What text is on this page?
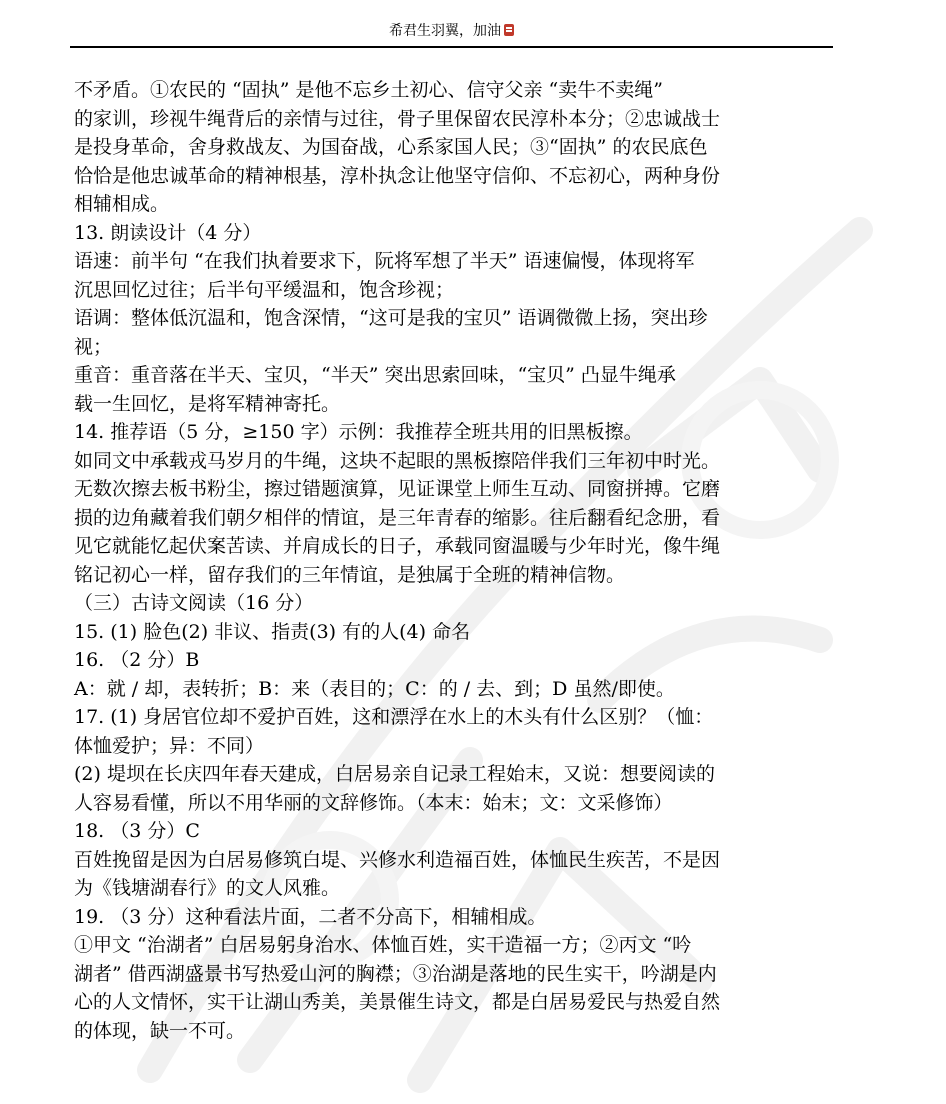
希君生羽翼，加油
不矛盾。①农民的 “固执” 是他不忘乡土初心、信守父亲 “卖牛不卖绳”
的家训，珍视牛绳背后的亲情与过往，骨子里保留农民淳朴本分；②忠诚战士
是投身革命，舍身救战友、为国奋战，心系家国人民；③“固执” 的农民底色
恰恰是他忠诚革命的精神根基，淳朴执念让他坚守信仰、不忘初心，两种身份
相辅相成。
13. 朗读设计（4 分）
语速：前半句 “在我们执着要求下，阮将军想了半天” 语速偏慢，体现将军
沉思回忆过往；后半句平缓温和，饱含珍视；
语调：整体低沉温和，饱含深情，“这可是我的宝贝” 语调微微上扬，突出珍
视；
重音：重音落在半天、宝贝，“半天” 突出思索回味，“宝贝” 凸显牛绳承
载一生回忆，是将军精神寄托。
14. 推荐语（5 分，≥150 字）示例：我推荐全班共用的旧黑板擦。
如同文中承载戎马岁月的牛绳，这块不起眼的黑板擦陪伴我们三年初中时光。
无数次擦去板书粉尘，擦过错题演算，见证课堂上师生互动、同窗拼搏。它磨
损的边角藏着我们朝夕相伴的情谊，是三年青春的缩影。往后翻看纪念册，看
见它就能忆起伏案苦读、并肩成长的日子，承载同窗温暖与少年时光，像牛绳
铭记初心一样，留存我们的三年情谊，是独属于全班的精神信物。
（三）古诗文阅读（16 分）
15. (1) 脸色(2) 非议、指责(3) 有的人(4) 命名
16. （2 分）B
A：就 / 却，表转折；B：来（表目的；C：的 / 去、到；D 虽然/即使。
17. (1) 身居官位却不爱护百姓，这和漂浮在水上的木头有什么区别？（恤：
体恤爱护；异：不同）
(2) 堤坝在长庆四年春天建成，白居易亲自记录工程始末，又说：想要阅读的
人容易看懂，所以不用华丽的文辞修饰。（本末：始末；文：文采修饰）
18. （3 分）C
百姓挽留是因为白居易修筑白堤、兴修水利造福百姓，体恤民生疾苦，不是因
为《钱塘湖春行》的文人风雅。
19. （3 分）这种看法片面，二者不分高下，相辅相成。
①甲文 “治湖者” 白居易躬身治水、体恤百姓，实干造福一方；②丙文 “吟
湖者” 借西湖盛景书写热爱山河的胸襟；③治湖是落地的民生实干，吟湖是内
心的人文情怀，实干让湖山秀美，美景催生诗文，都是白居易爱民与热爱自然
的体现，缺一不可。
